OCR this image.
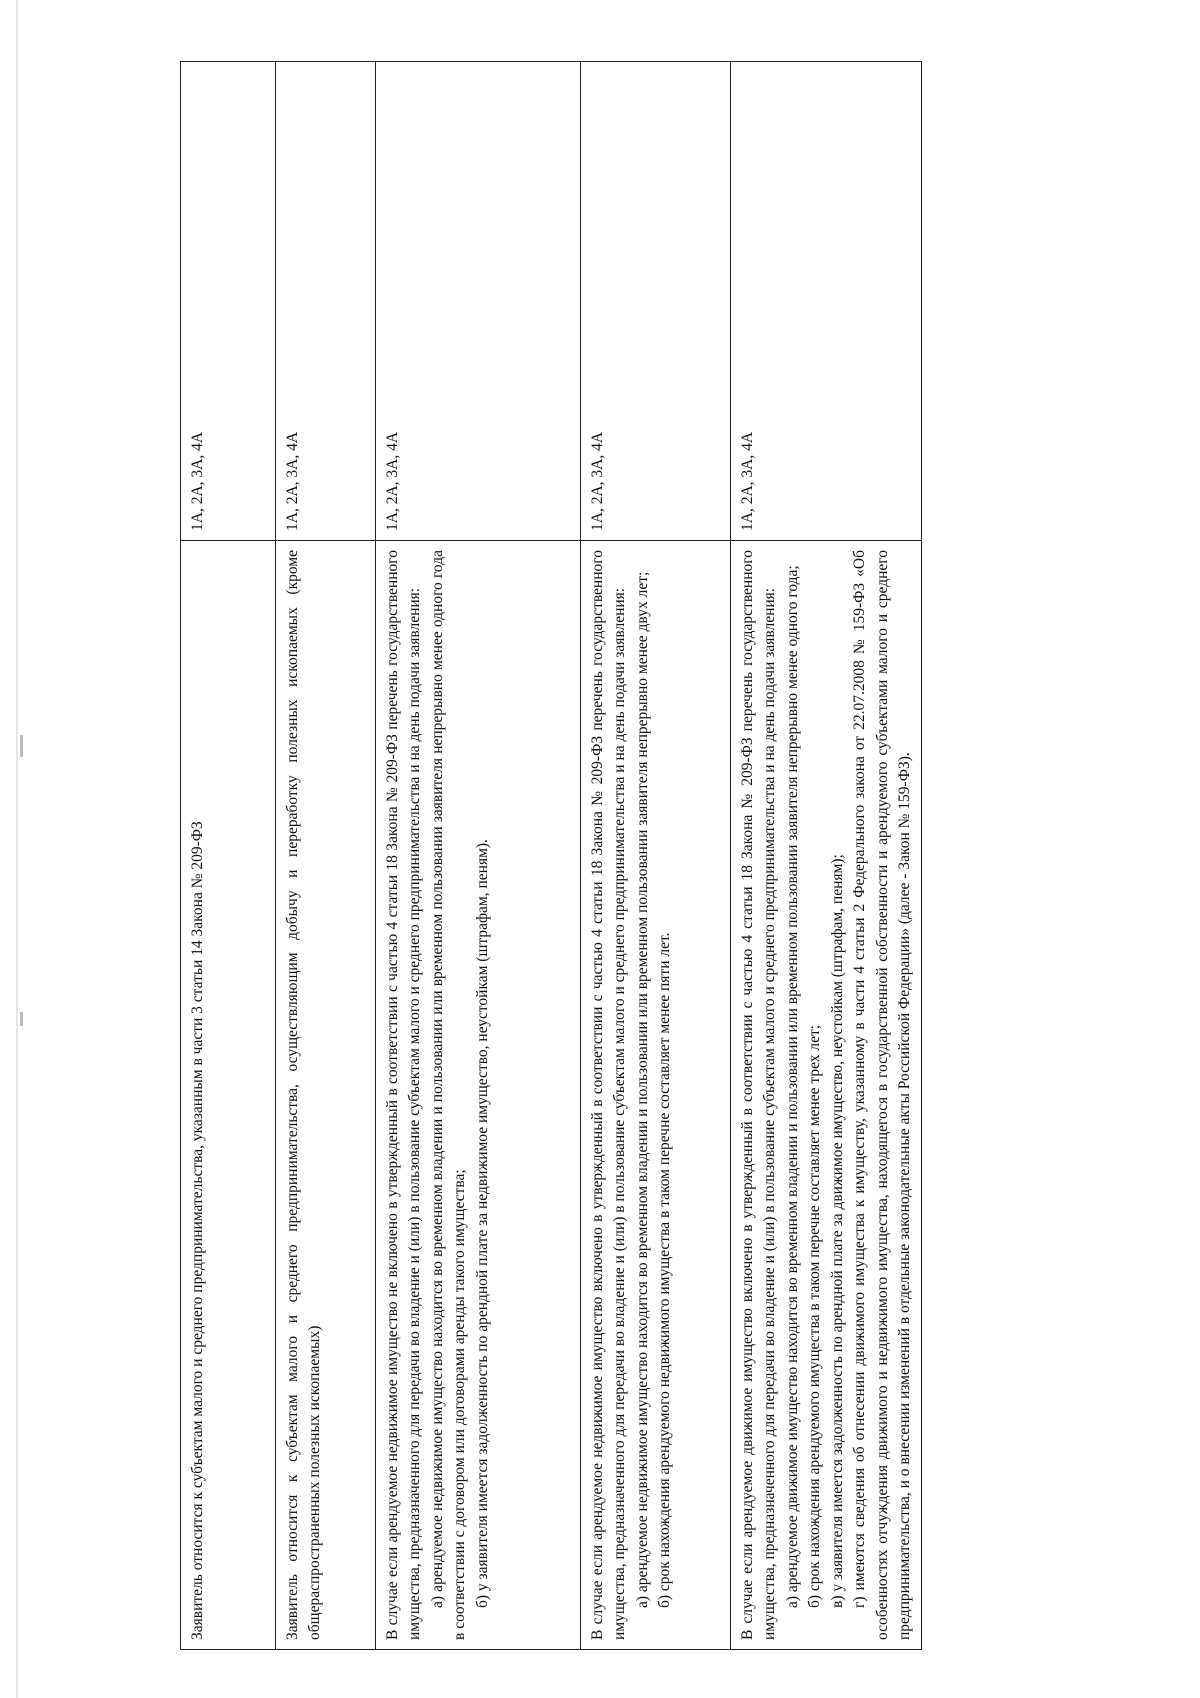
Заявитель относится к субъектам малого и среднего предпринимательства, указанным в части 3 статьи 14 Закона № 209-ФЗ	1А, 2А, 3А, 4А

Заявитель относится к субъектам малого и среднего предпринимательства, осуществляющим добычу и переработку полезных ископаемых (кроме общераспространенных полезных ископаемых)	1А, 2А, 3А, 4А

В случае если арендуемое недвижимое имущество не включено в утвержденный в соответствии с частью 4 статьи 18 Закона № 209-ФЗ перечень государственного имущества, предназначенного для передачи во владение и (или) в пользование субъектам малого и среднего предпринимательства и на день подачи заявления: а) арендуемое недвижимое имущество находится во временном владении и пользовании или временном пользовании заявителя непрерывно менее одного года в соответствии с договором или договорами аренды такого имущества; б) у заявителя имеется задолженность по арендной плате за недвижимое имущество, неустойкам (штрафам, пеням).	1А, 2А, 3А, 4А

В случае если арендуемое недвижимое имущество включено в утвержденный в соответствии с частью 4 статьи 18 Закона № 209-ФЗ перечень государственного имущества, предназначенного для передачи во владение и (или) в пользование субъектам малого и среднего предпринимательства и на день подачи заявления: а) арендуемое недвижимое имущество находится во временном владении и пользовании или временном пользовании заявителя непрерывно менее двух лет; б) срок нахождения арендуемого недвижимого имущества в таком перечне составляет менее пяти лет.	1А, 2А, 3А, 4А

В случае если арендуемое движимое имущество включено в утвержденный в соответствии с частью 4 статьи 18 Закона № 209-ФЗ перечень государственного имущества, предназначенного для передачи во владение и (или) в пользование субъектам малого и среднего предпринимательства и на день подачи заявления: а) арендуемое движимое имущество находится во временном владении и пользовании или временном пользовании заявителя непрерывно менее одного года; б) срок нахождения арендуемого имущества в таком перечне составляет менее трех лет; в) у заявителя имеется задолженность по арендной плате за движимое имущество, неустойкам (штрафам, пеням); г) имеются сведения об отнесении движимого имущества к имуществу, указанному в части 4 статьи 2 Федерального закона от 22.07.2008 № 159-ФЗ «Об особенностях отчуждения движимого и недвижимого имущества, находящегося в государственной собственности и арендуемого субъектами малого и среднего предпринимательства, и о внесении изменений в отдельные законодательные акты Российской Федерации» (далее - Закон № 159-ФЗ).	1А, 2А, 3А, 4А
